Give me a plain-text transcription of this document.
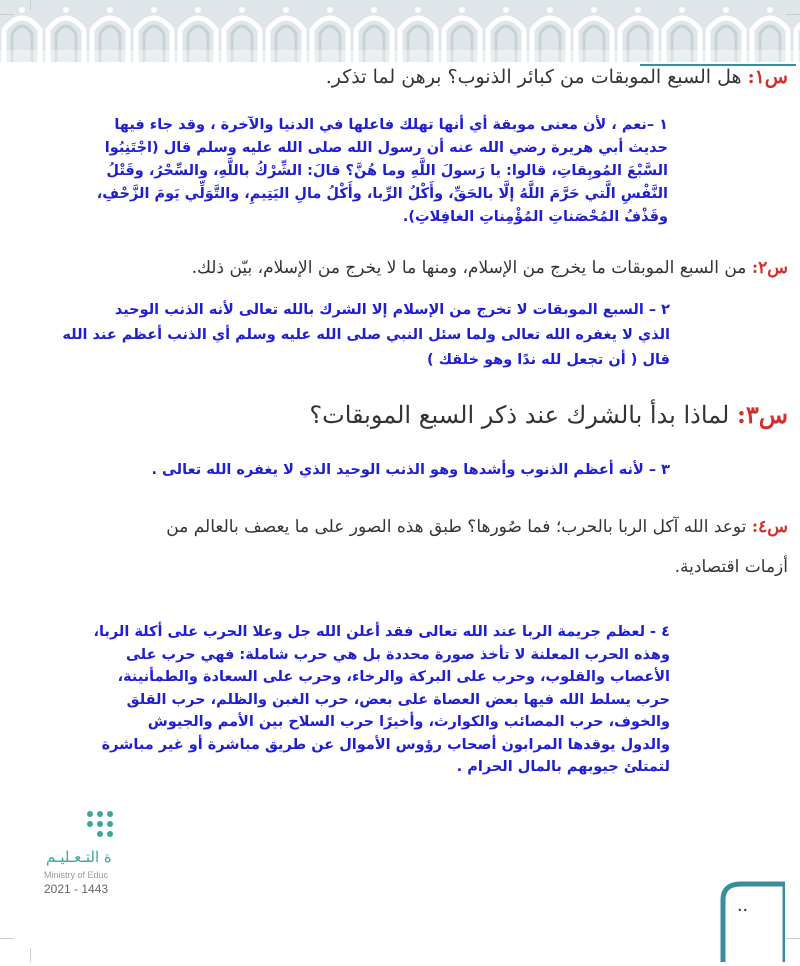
س١: هل السبع الموبقات من كبائر الذنوب؟ برهن لما تذكر.

١ –نعم ، لأن معنى موبقة أي أنها تهلك فاعلها في الدنيا والآخرة ، وقد جاء فيها

حديث أبي هريرة رضي الله عنه أن رسول الله صلى الله عليه وسلم قال (اجْتَنِبُوا

السَّبْعَ المُوبِقاتِ، قالوا: يا رَسولَ اللَّهِ وما هُنَّ؟ قالَ: الشِّرْكُ باللَّهِ، والسِّحْرُ، وقَتْلُ

النَّفْسِ الَّتي حَرَّمَ اللَّهُ إلَّا بالحَقِّ، وأَكْلُ الرِّبا، وأَكْلُ مالِ اليَتِيمِ، والتَّوَلِّي يَومَ الزَّحْفِ،

وقَذْفُ المُحْصَناتِ المُؤْمِناتِ الغافِلاتِ).

س٢: من السبع الموبقات ما يخرج من الإسلام، ومنها ما لا يخرج من الإسلام، بيّن ذلك.

٢ – السبع الموبقات لا تخرج من الإسلام إلا الشرك بالله تعالى لأنه الذنب الوحيد

الذي لا يغفره الله تعالى ولما سئل النبي صلى الله عليه وسلم أي الذنب أعظم عند الله

قال ( أن تجعل لله ندًا وهو خلقك )

س٣: لماذا بدأ بالشرك عند ذكر السبع الموبقات؟

٣ – لأنه أعظم الذنوب وأشدها وهو الذنب الوحيد الذي لا يغفره الله تعالى .

س٤: توعد الله آكل الربا بالحرب؛ فما صُورها؟ طبق هذه الصور على ما يعصف بالعالم من
أزمات اقتصادية.

٤ - لعظم جريمة الربا عند الله تعالى فقد أعلن الله جل وعلا الحرب على أكلة الربا،

وهذه الحرب المعلنة لا تأخذ صورة محددة بل هي حرب شاملة: فهي حرب على

الأعصاب والقلوب، وحرب على البركة والرخاء، وحرب على السعادة والطمأنينة،

حرب يسلط الله فيها بعض العصاة على بعض، حرب الغبن والظلم، حرب القلق

والخوف، حرب المصائب والكوارث، وأخيرًا حرب السلاح بين الأمم والجيوش

والدول يوقدها المرابون أصحاب رؤوس الأموال عن طريق مباشرة أو غير مباشرة

لتمتلئ جيوبهم بالمال الحرام .

ة التـعـليـم
Ministry of Educ
2021 - 1443
..
